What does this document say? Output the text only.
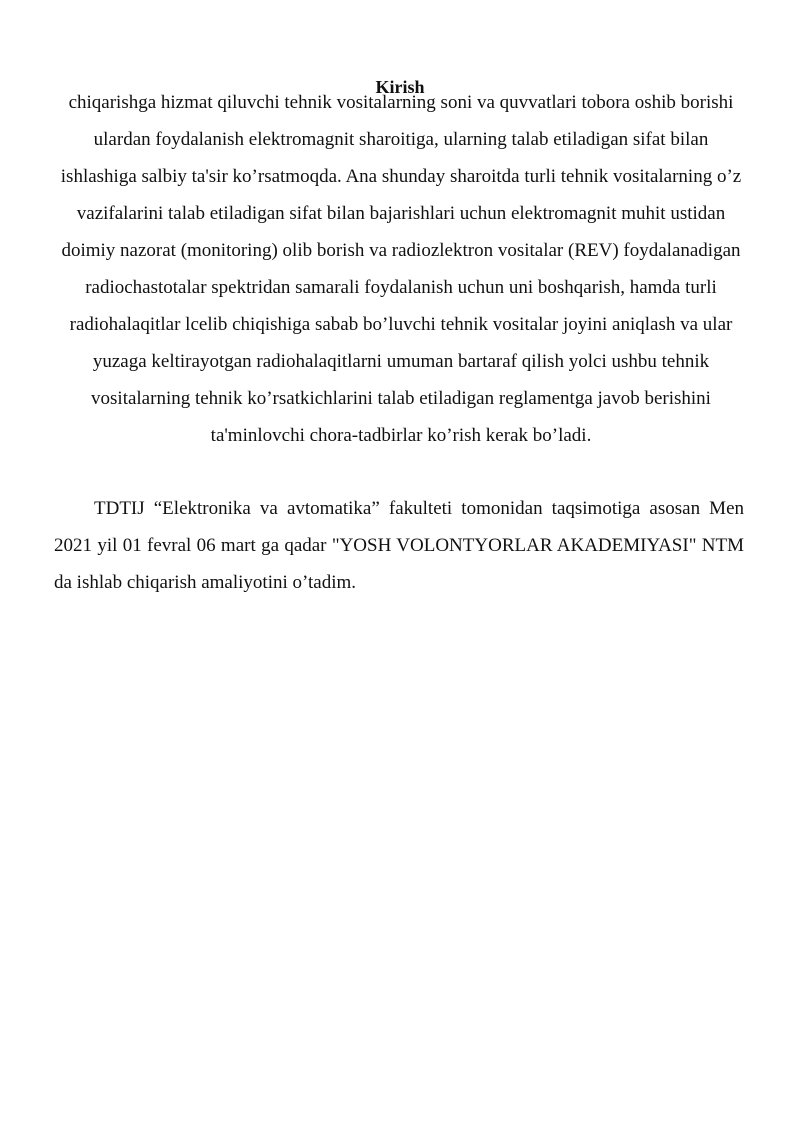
chiqarishga hizmat qiluvchi tehnik vositalarning soni va quvvatlari tobora oshib borishi ulardan foydalanish elektromagnit sharoitiga, ularning talab etiladigan sifat bilan ishlashiga salbiy ta'sir ko’rsatmoqda. Ana shunday sharoitda turli tehnik vositalarning o’z vazifalarini talab etiladigan sifat bilan bajarishlari uchun elektromagnit muhit ustidan doimiy nazorat (monitoring) olib borish va radiozlektron vositalar (REV) foydalanadigan radiochastotalar spektridan samarali foydalanish uchun uni boshqarish, hamda turli radiohalaqitlar lcelib chiqishiga sabab bo’luvchi tehnik vositalar joyini aniqlash va ular yuzaga keltirayotgan radiohalaqitlarni umuman bartaraf qilish yolci ushbu tehnik vositalarning tehnik ko’rsatkichlarini talab etiladigan reglamentga javob berishini ta'minlovchi chora-tadbirlar ko’rish kerak bo’ladi.

Kirish

TDTIJ “Elektronika va avtomatika” fakulteti tomonidan taqsimotiga asosan Men 2021 yil 01 fevral 06 mart ga qadar "YOSH VOLONTYORLAR AKADEMIYASI" NTM da ishlab chiqarish amaliyotini o’tadim.
